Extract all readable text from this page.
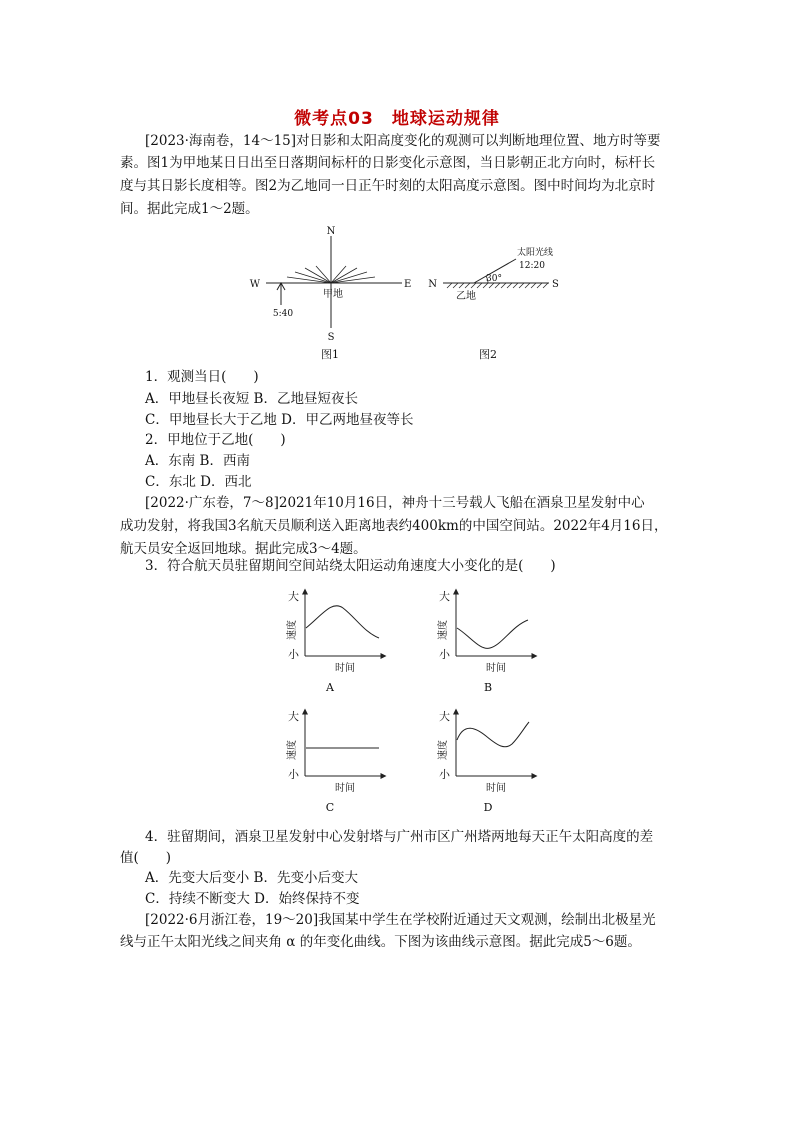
微考点03　地球运动规律
[2023·海南卷，14～15]对日影和太阳高度变化的观测可以判断地理位置、地方时等要
素。图1为甲地某日日出至日落期间标杆的日影变化示意图，当日影朝正北方向时，标杆长
度与其日影长度相等。图2为乙地同一日正午时刻的太阳高度示意图。图中时间均为北京时
间。据此完成1～2题。
N
S
W	E
甲地
5:40
图1
太阳光线
12:20
30°
N	S
乙地
图2
大
小
速度
时间
A
大
小
速度
时间
B
大
小
速度
时间
C
大
小
速度
时间
D
1．观测当日(　　)
A．甲地昼长夜短 B．乙地昼短夜长
C．甲地昼长大于乙地 D．甲乙两地昼夜等长
2．甲地位于乙地(　　)
A．东南 B．西南
C．东北 D．西北
[2022·广东卷，7～8]2021年10月16日，神舟十三号载人飞船在酒泉卫星发射中心
成功发射，将我国3名航天员顺利送入距离地表约400km的中国空间站。2022年4月16日，
航天员安全返回地球。据此完成3～4题。
3．符合航天员驻留期间空间站绕太阳运动角速度大小变化的是(　　)
4．驻留期间，酒泉卫星发射中心发射塔与广州市区广州塔两地每天正午太阳高度的差
值(　　)
A．先变大后变小 B．先变小后变大
C．持续不断变大 D．始终保持不变
[2022·6月浙江卷，19～20]我国某中学生在学校附近通过天文观测，绘制出北极星光
线与正午太阳光线之间夹角 α 的年变化曲线。下图为该曲线示意图。据此完成5～6题。
